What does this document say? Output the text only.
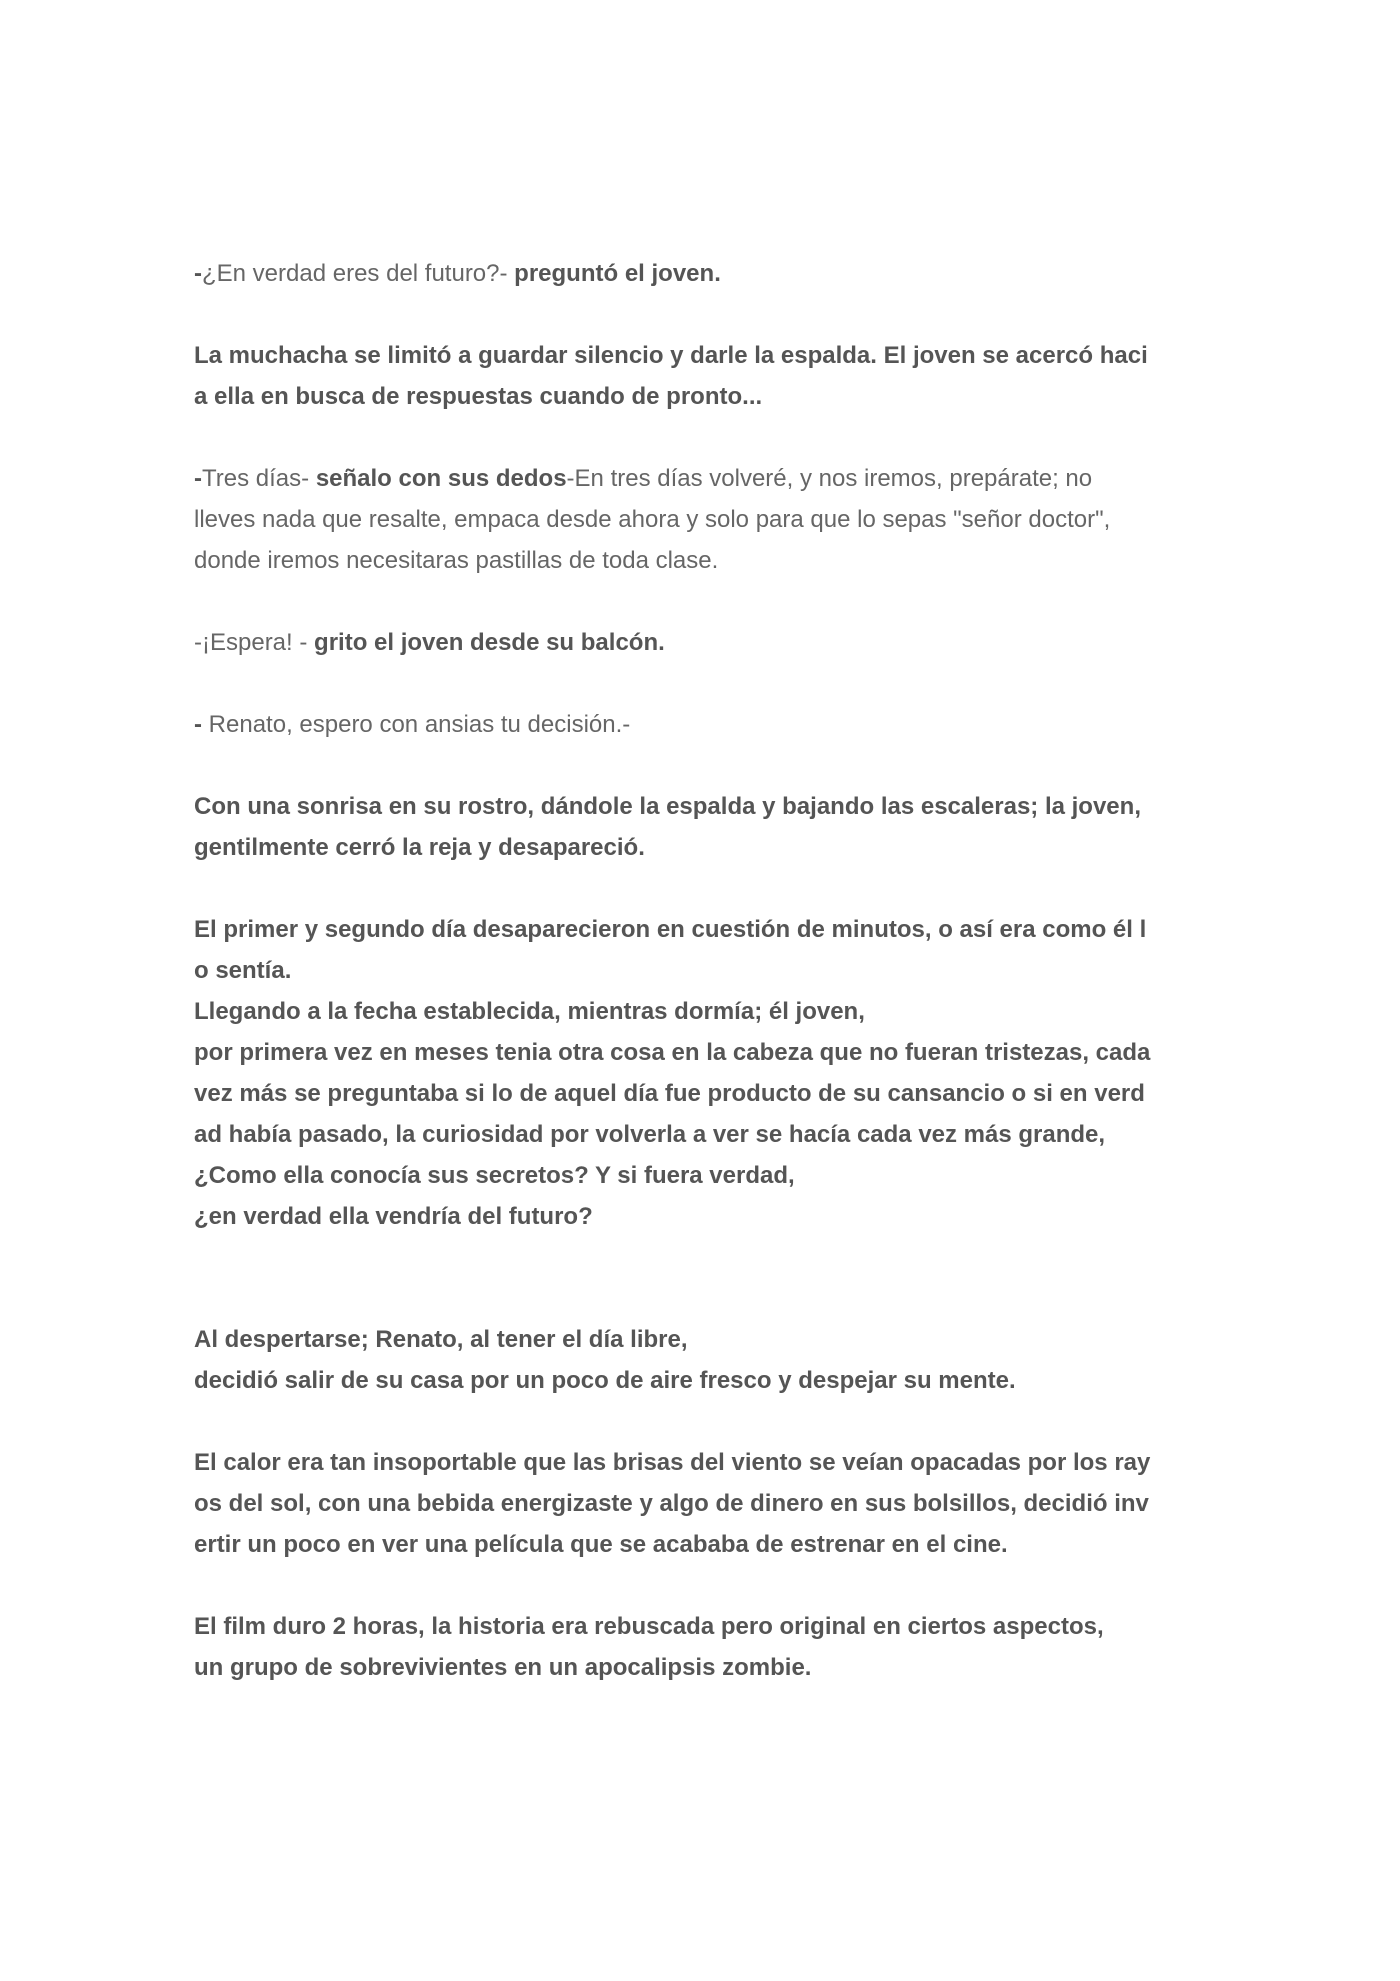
-¿En verdad eres del futuro?- preguntó el joven.
La muchacha se limitó a guardar silencio y darle la espalda. El joven se acercó haci
a ella en busca de respuestas cuando de pronto...
-Tres días- señalo con sus dedos-En tres días volveré, y nos iremos, prepárate; no
lleves nada que resalte, empaca desde ahora y solo para que lo sepas "señor doctor",
donde iremos necesitaras pastillas de toda clase.
-¡Espera! - grito el joven desde su balcón.
- Renato, espero con ansias tu decisión.-
Con una sonrisa en su rostro, dándole la espalda y bajando las escaleras; la joven,
gentilmente cerró la reja y desapareció.
El primer y segundo día desaparecieron en cuestión de minutos, o así era como él l
o sentía.
Llegando a la fecha establecida, mientras dormía; él joven,
por primera vez en meses tenia otra cosa en la cabeza que no fueran tristezas, cada
vez más se preguntaba si lo de aquel día fue producto de su cansancio o si en verd
ad había pasado, la curiosidad por volverla a ver se hacía cada vez más grande,
¿Como ella conocía sus secretos? Y si fuera verdad,
¿en verdad ella vendría del futuro?
Al despertarse; Renato, al tener el día libre,
decidió salir de su casa por un poco de aire fresco y despejar su mente.
El calor era tan insoportable que las brisas del viento se veían opacadas por los ray
os del sol, con una bebida energizaste y algo de dinero en sus bolsillos, decidió inv
ertir un poco en ver una película que se acababa de estrenar en el cine.
El film duro 2 horas, la historia era rebuscada pero original en ciertos aspectos,
un grupo de sobrevivientes en un apocalipsis zombie.
